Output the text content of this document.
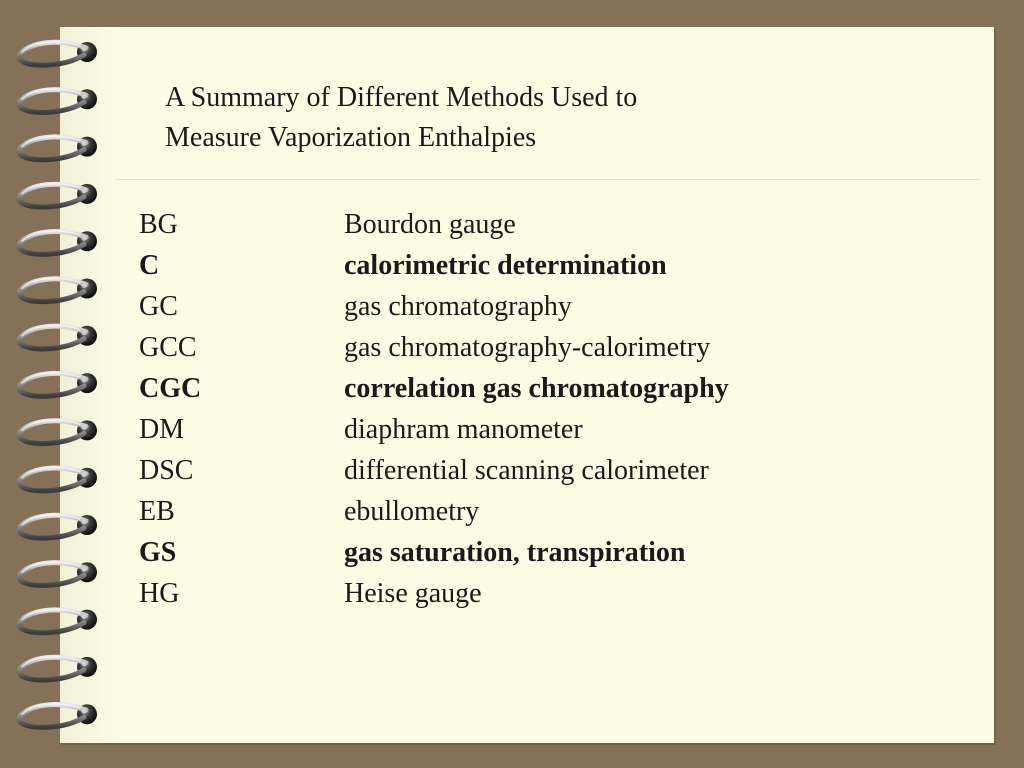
A Summary of Different Methods Used to
Measure Vaporization Enthalpies
BG	Bourdon gauge
C	calorimetric determination
GC	gas chromatography
GCC	gas chromatography-calorimetry
CGC	correlation gas chromatography
DM	diaphram manometer
DSC	differential scanning calorimeter
EB	ebullometry
GS	gas saturation, transpiration
HG	Heise gauge
